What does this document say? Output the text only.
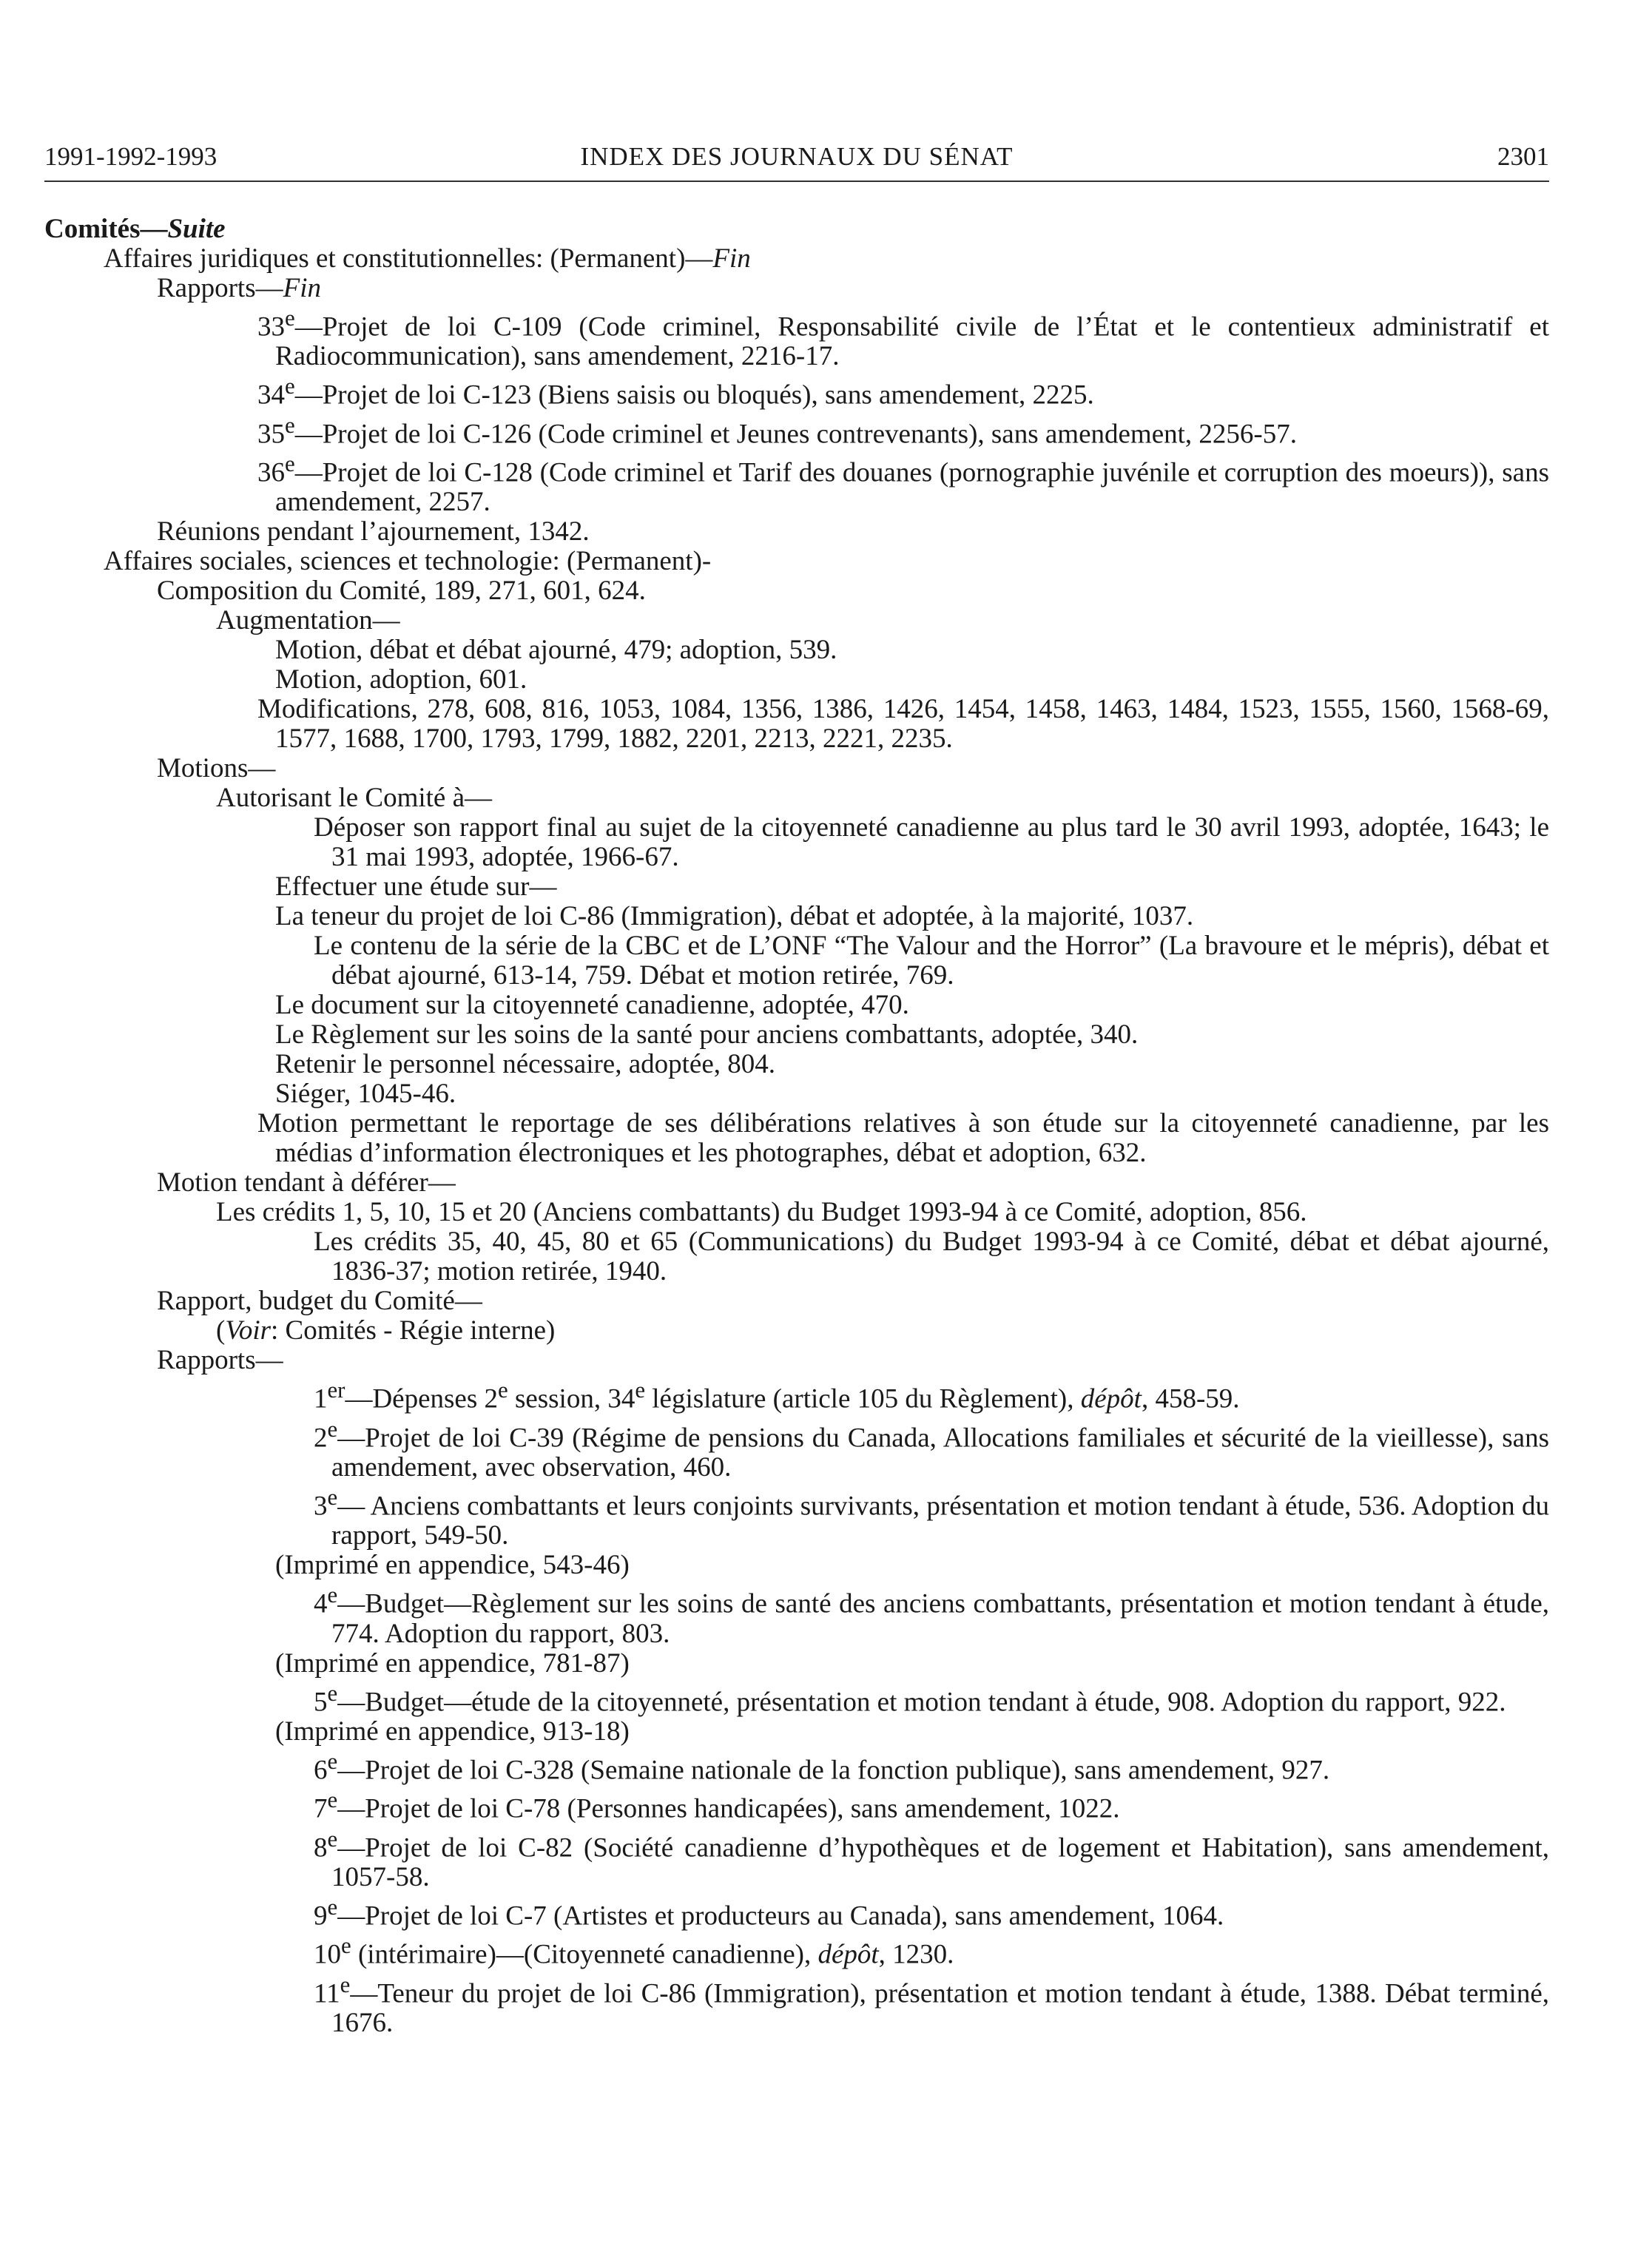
1991-1992-1993	INDEX DES JOURNAUX DU SÉNAT	2301

Comités—Suite

Affaires juridiques et constitutionnelles: (Permanent)—Fin

Rapports—Fin

33e—Projet de loi C-109 (Code criminel, Responsabilité civile de l’État et le contentieux administratif et Radiocommunication), sans amendement, 2216-17.

34e—Projet de loi C-123 (Biens saisis ou bloqués), sans amendement, 2225.

35e—Projet de loi C-126 (Code criminel et Jeunes contrevenants), sans amendement, 2256-57.

36e—Projet de loi C-128 (Code criminel et Tarif des douanes (pornographie juvénile et corruption des moeurs)), sans amendement, 2257.

Réunions pendant l’ajournement, 1342.

Affaires sociales, sciences et technologie: (Permanent)-

Composition du Comité, 189, 271, 601, 624.

Augmentation—

Motion, débat et débat ajourné, 479; adoption, 539.

Motion, adoption, 601.

Modifications, 278, 608, 816, 1053, 1084, 1356, 1386, 1426, 1454, 1458, 1463, 1484, 1523, 1555, 1560, 1568-69, 1577, 1688, 1700, 1793, 1799, 1882, 2201, 2213, 2221, 2235.

Motions—

Autorisant le Comité à—

Déposer son rapport final au sujet de la citoyenneté canadienne au plus tard le 30 avril 1993, adoptée, 1643; le 31 mai 1993, adoptée, 1966-67.

Effectuer une étude sur—

La teneur du projet de loi C-86 (Immigration), débat et adoptée, à la majorité, 1037.

Le contenu de la série de la CBC et de L’ONF “The Valour and the Horror” (La bravoure et le mépris), débat et débat ajourné, 613-14, 759. Débat et motion retirée, 769.

Le document sur la citoyenneté canadienne, adoptée, 470.

Le Règlement sur les soins de la santé pour anciens combattants, adoptée, 340.

Retenir le personnel nécessaire, adoptée, 804.

Siéger, 1045-46.

Motion permettant le reportage de ses délibérations relatives à son étude sur la citoyenneté canadienne, par les médias d’information électroniques et les photographes, débat et adoption, 632.

Motion tendant à déférer—

Les crédits 1, 5, 10, 15 et 20 (Anciens combattants) du Budget 1993-94 à ce Comité, adoption, 856.

Les crédits 35, 40, 45, 80 et 65 (Communications) du Budget 1993-94 à ce Comité, débat et débat ajourné, 1836-37; motion retirée, 1940.

Rapport, budget du Comité—

(Voir: Comités - Régie interne)

Rapports—

1er—Dépenses 2e session, 34e législature (article 105 du Règlement), dépôt, 458-59.

2e—Projet de loi C-39 (Régime de pensions du Canada, Allocations familiales et sécurité de la vieillesse), sans amendement, avec observation, 460.

3e— Anciens combattants et leurs conjoints survivants, présentation et motion tendant à étude, 536. Adoption du rapport, 549-50.

(Imprimé en appendice, 543-46)

4e—Budget—Règlement sur les soins de santé des anciens combattants, présentation et motion tendant à étude, 774. Adoption du rapport, 803.

(Imprimé en appendice, 781-87)

5e—Budget—étude de la citoyenneté, présentation et motion tendant à étude, 908. Adoption du rapport, 922.

(Imprimé en appendice, 913-18)

6e—Projet de loi C-328 (Semaine nationale de la fonction publique), sans amendement, 927.

7e—Projet de loi C-78 (Personnes handicapées), sans amendement, 1022.

8e—Projet de loi C-82 (Société canadienne d’hypothèques et de logement et Habitation), sans amendement, 1057-58.

9e—Projet de loi C-7 (Artistes et producteurs au Canada), sans amendement, 1064.

10e (intérimaire)—(Citoyenneté canadienne), dépôt, 1230.

11e—Teneur du projet de loi C-86 (Immigration), présentation et motion tendant à étude, 1388. Débat terminé, 1676.
